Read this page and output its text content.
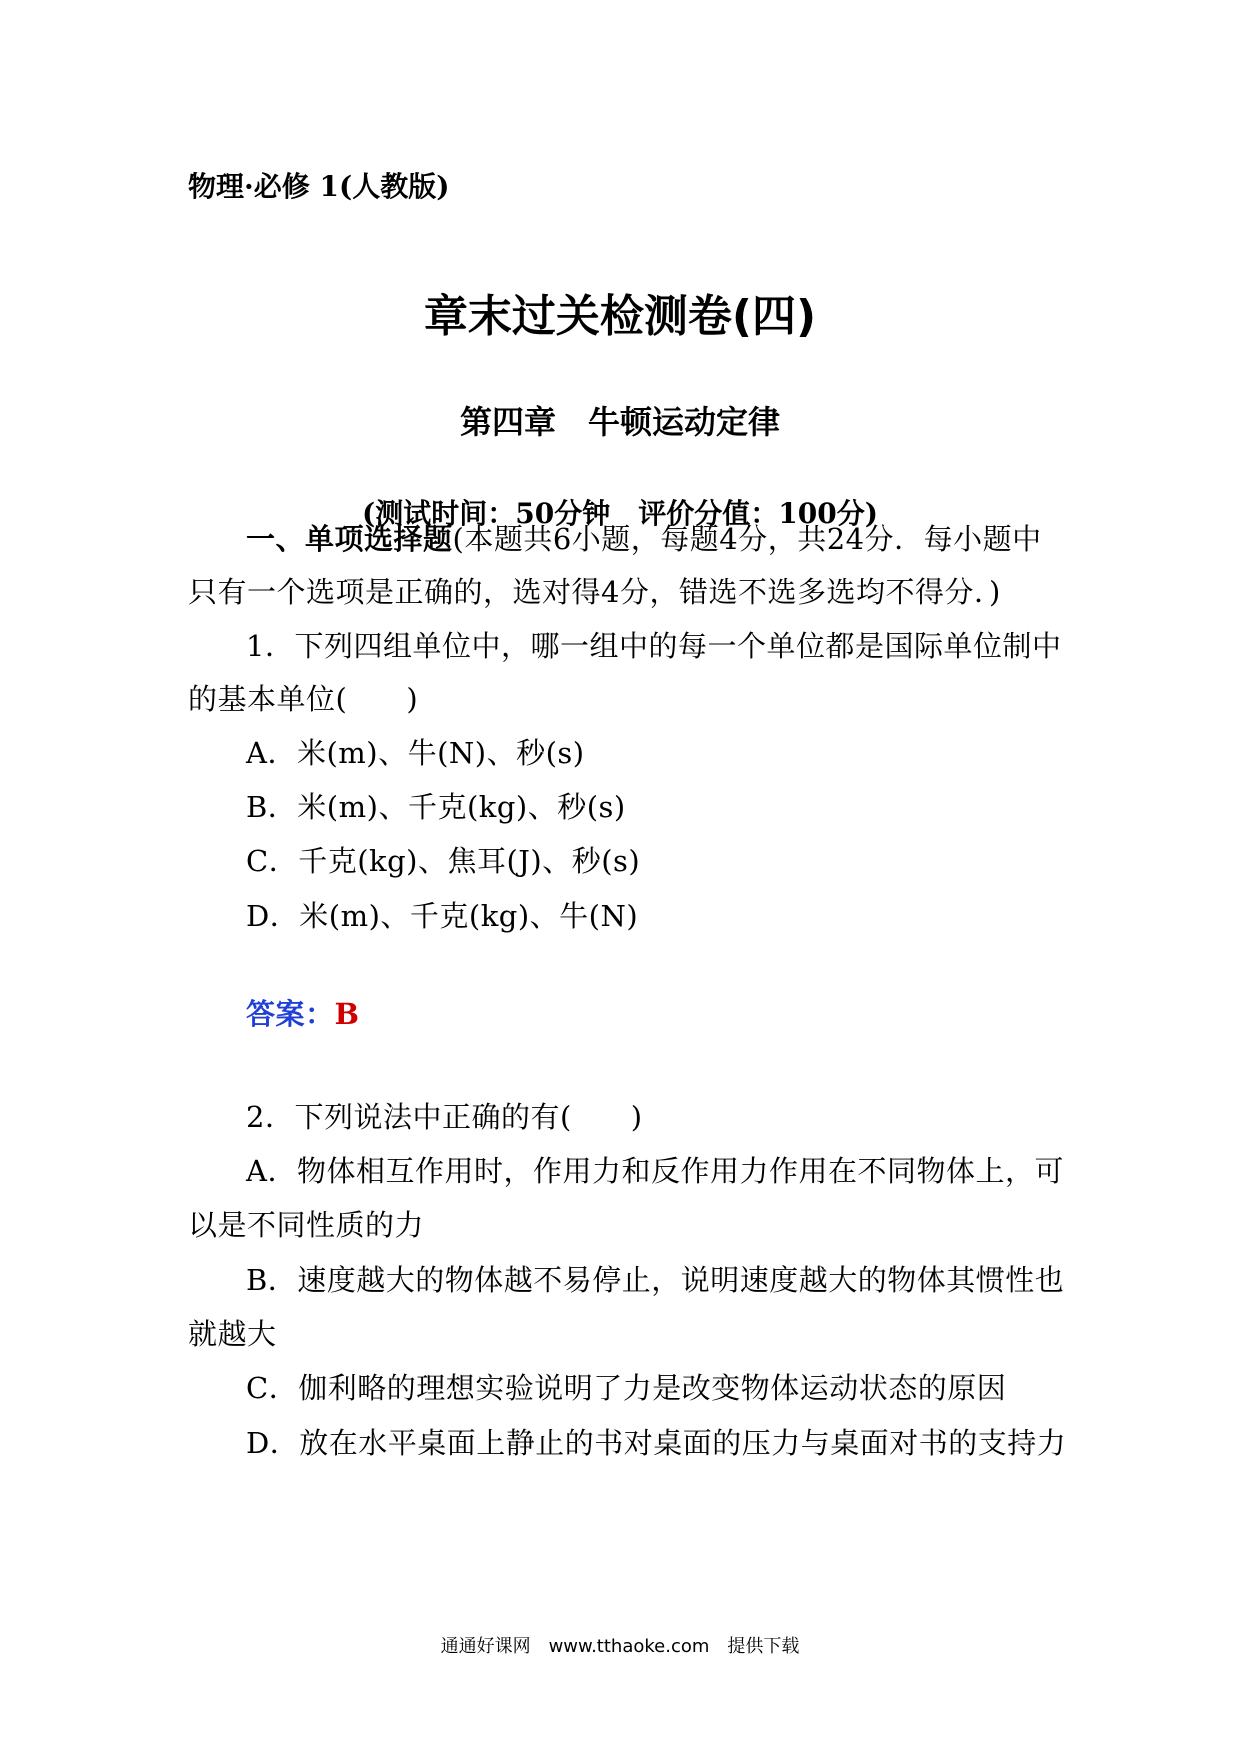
物理·必修 1(人教版)
章末过关检测卷(四)
第四章　牛顿运动定律
(测试时间：50分钟　评价分值：100分)
一、单项选择题(本题共6小题，每题4分，共24分．每小题中
只有一个选项是正确的，选对得4分，错选不选多选均不得分．)
1．下列四组单位中，哪一组中的每一个单位都是国际单位制中
的基本单位(　　)
A．米(m)、牛(N)、秒(s)
B．米(m)、千克(kg)、秒(s)
C．千克(kg)、焦耳(J)、秒(s)
D．米(m)、千克(kg)、牛(N)
答案：B
2．下列说法中正确的有(　　)
A．物体相互作用时，作用力和反作用力作用在不同物体上，可
以是不同性质的力
B．速度越大的物体越不易停止，说明速度越大的物体其惯性也
就越大
C．伽利略的理想实验说明了力是改变物体运动状态的原因
D．放在水平桌面上静止的书对桌面的压力与桌面对书的支持力
通通好课网　www.tthaoke.com　提供下载
